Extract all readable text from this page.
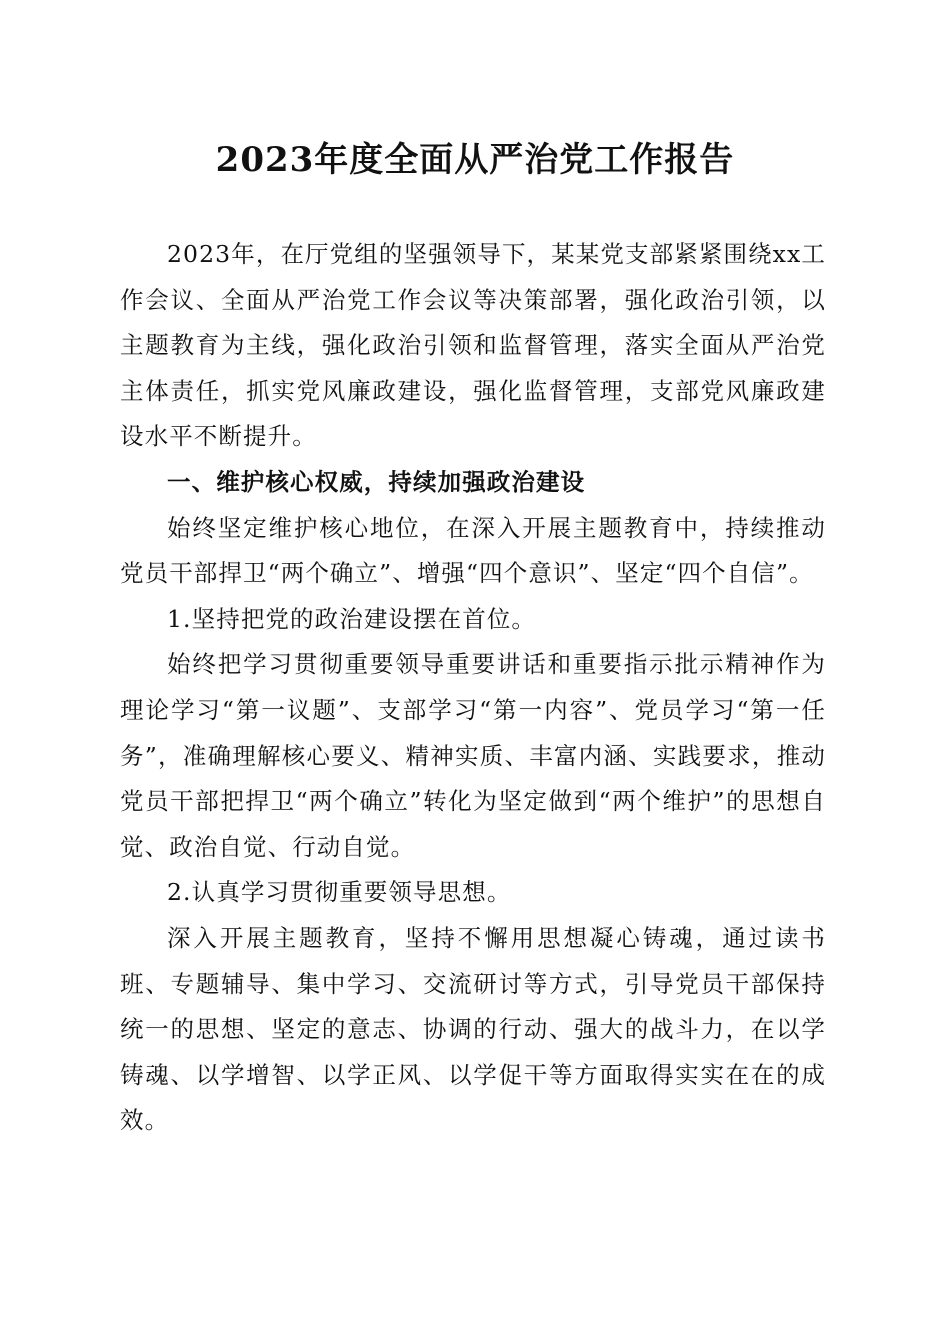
2023年度全面从严治党工作报告

2023年，在厅党组的坚强领导下，某某党支部紧紧围绕xx工作会议、全面从严治党工作会议等决策部署，强化政治引领，以主题教育为主线，强化政治引领和监督管理，落实全面从严治党主体责任，抓实党风廉政建设，强化监督管理，支部党风廉政建设水平不断提升。

一、维护核心权威，持续加强政治建设

始终坚定维护核心地位，在深入开展主题教育中，持续推动党员干部捍卫“两个确立”、增强“四个意识”、坚定“四个自信”。

1.坚持把党的政治建设摆在首位。

始终把学习贯彻重要领导重要讲话和重要指示批示精神作为理论学习“第一议题”、支部学习“第一内容”、党员学习“第一任务”，准确理解核心要义、精神实质、丰富内涵、实践要求，推动党员干部把捍卫“两个确立”转化为坚定做到“两个维护”的思想自觉、政治自觉、行动自觉。

2.认真学习贯彻重要领导思想。

深入开展主题教育，坚持不懈用思想凝心铸魂，通过读书班、专题辅导、集中学习、交流研讨等方式，引导党员干部保持统一的思想、坚定的意志、协调的行动、强大的战斗力，在以学铸魂、以学增智、以学正风、以学促干等方面取得实实在在的成效。
